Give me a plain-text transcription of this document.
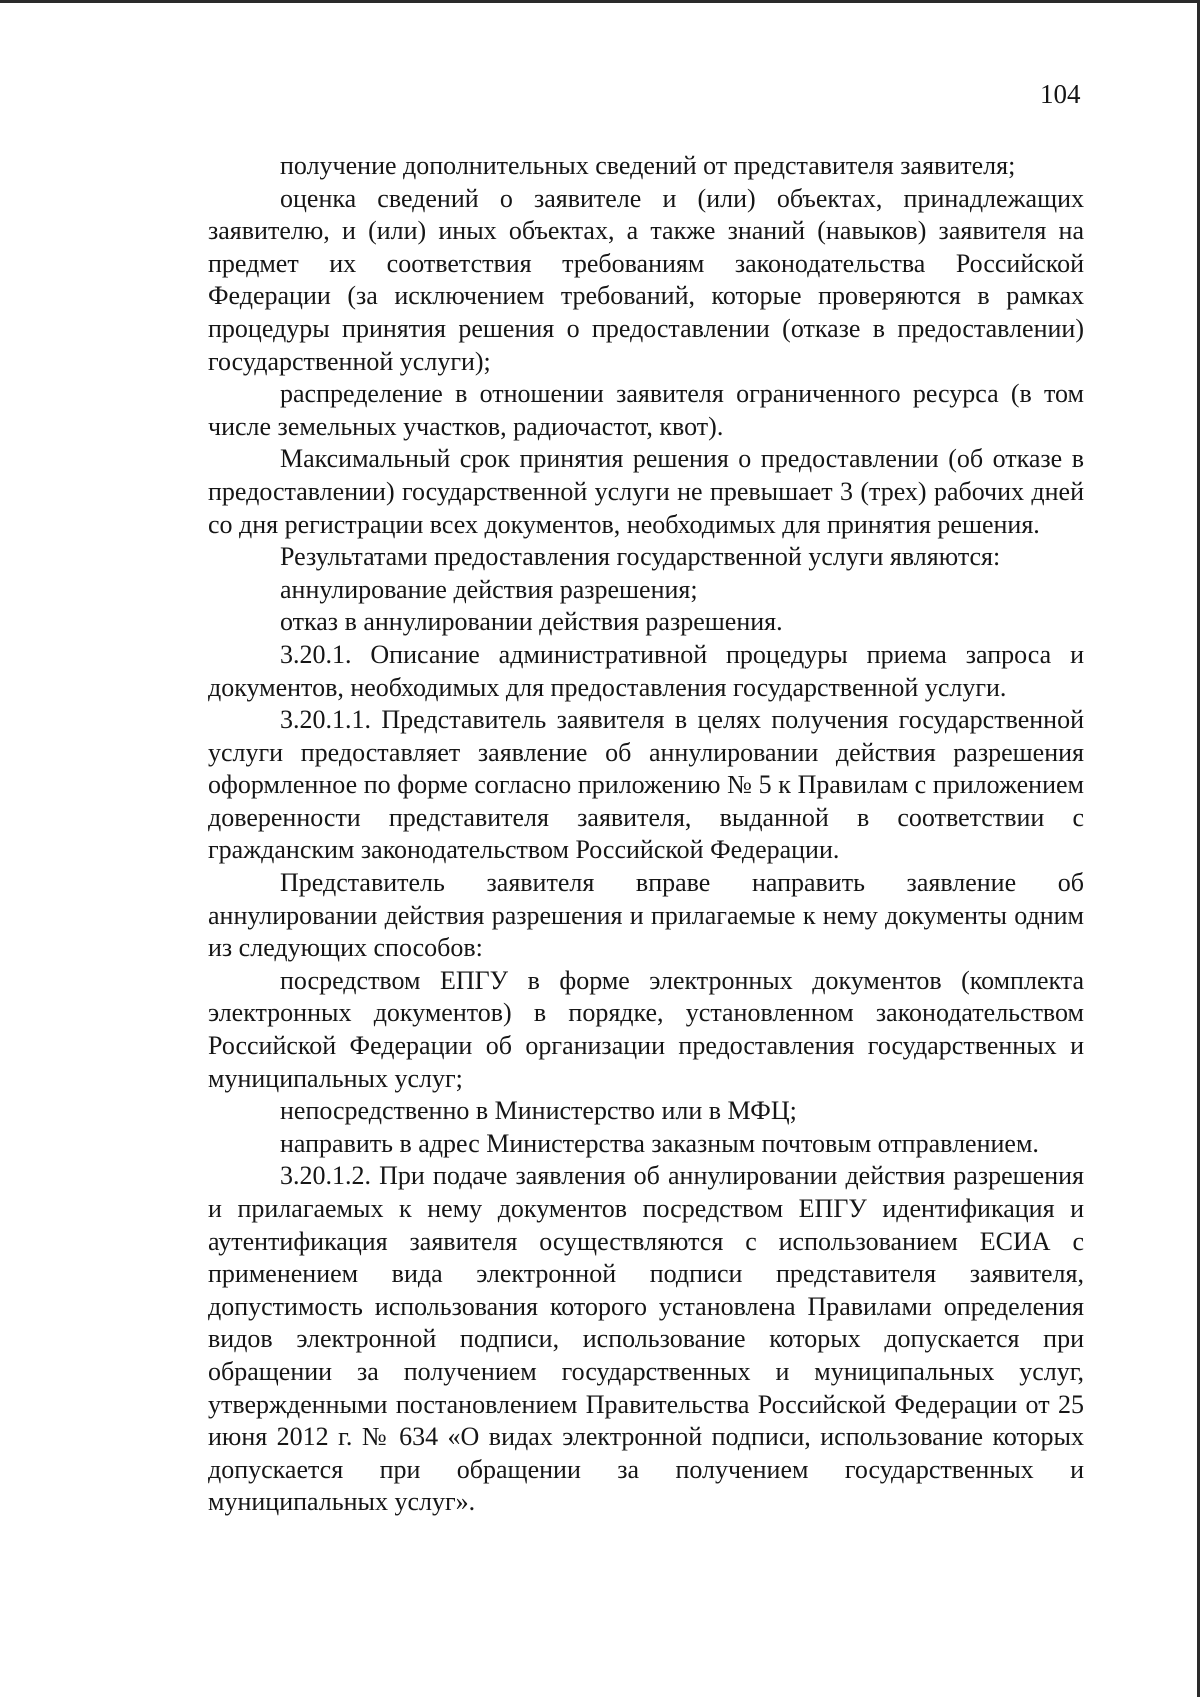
104

получение дополнительных сведений от представителя заявителя;

оценка сведений о заявителе и (или) объектах, принадлежащих заявителю, и (или) иных объектах, а также знаний (навыков) заявителя на предмет их соответствия требованиям законодательства Российской Федерации (за исключением требований, которые проверяются в рамках процедуры принятия решения о предоставлении (отказе в предоставлении) государственной услуги);

распределение в отношении заявителя ограниченного ресурса (в том числе земельных участков, радиочастот, квот).

Максимальный срок принятия решения о предоставлении (об отказе в предоставлении) государственной услуги не превышает 3 (трех) рабочих дней со дня регистрации всех документов, необходимых для принятия решения.

Результатами предоставления государственной услуги являются:

аннулирование действия разрешения;

отказ в аннулировании действия разрешения.

3.20.1. Описание административной процедуры приема запроса и документов, необходимых для предоставления государственной услуги.

3.20.1.1. Представитель заявителя в целях получения государственной услуги предоставляет заявление об аннулировании действия разрешения оформленное по форме согласно приложению № 5 к Правилам с приложением доверенности представителя заявителя, выданной в соответствии с гражданским законодательством Российской Федерации.

Представитель заявителя вправе направить заявление об аннулировании действия разрешения и прилагаемые к нему документы одним из следующих способов:

посредством ЕПГУ в форме электронных документов (комплекта электронных документов) в порядке, установленном законодательством Российской Федерации об организации предоставления государственных и муниципальных услуг;

непосредственно в Министерство или в МФЦ;

направить в адрес Министерства заказным почтовым отправлением.

3.20.1.2. При подаче заявления об аннулировании действия разрешения и прилагаемых к нему документов посредством ЕПГУ идентификация и аутентификация заявителя осуществляются с использованием ЕСИА с применением вида электронной подписи представителя заявителя, допустимость использования которого установлена Правилами определения видов электронной подписи, использование которых допускается при обращении за получением государственных и муниципальных услуг, утвержденными постановлением Правительства Российской Федерации от 25 июня 2012 г. № 634 «О видах электронной подписи, использование которых допускается при обращении за получением государственных и муниципальных услуг».
